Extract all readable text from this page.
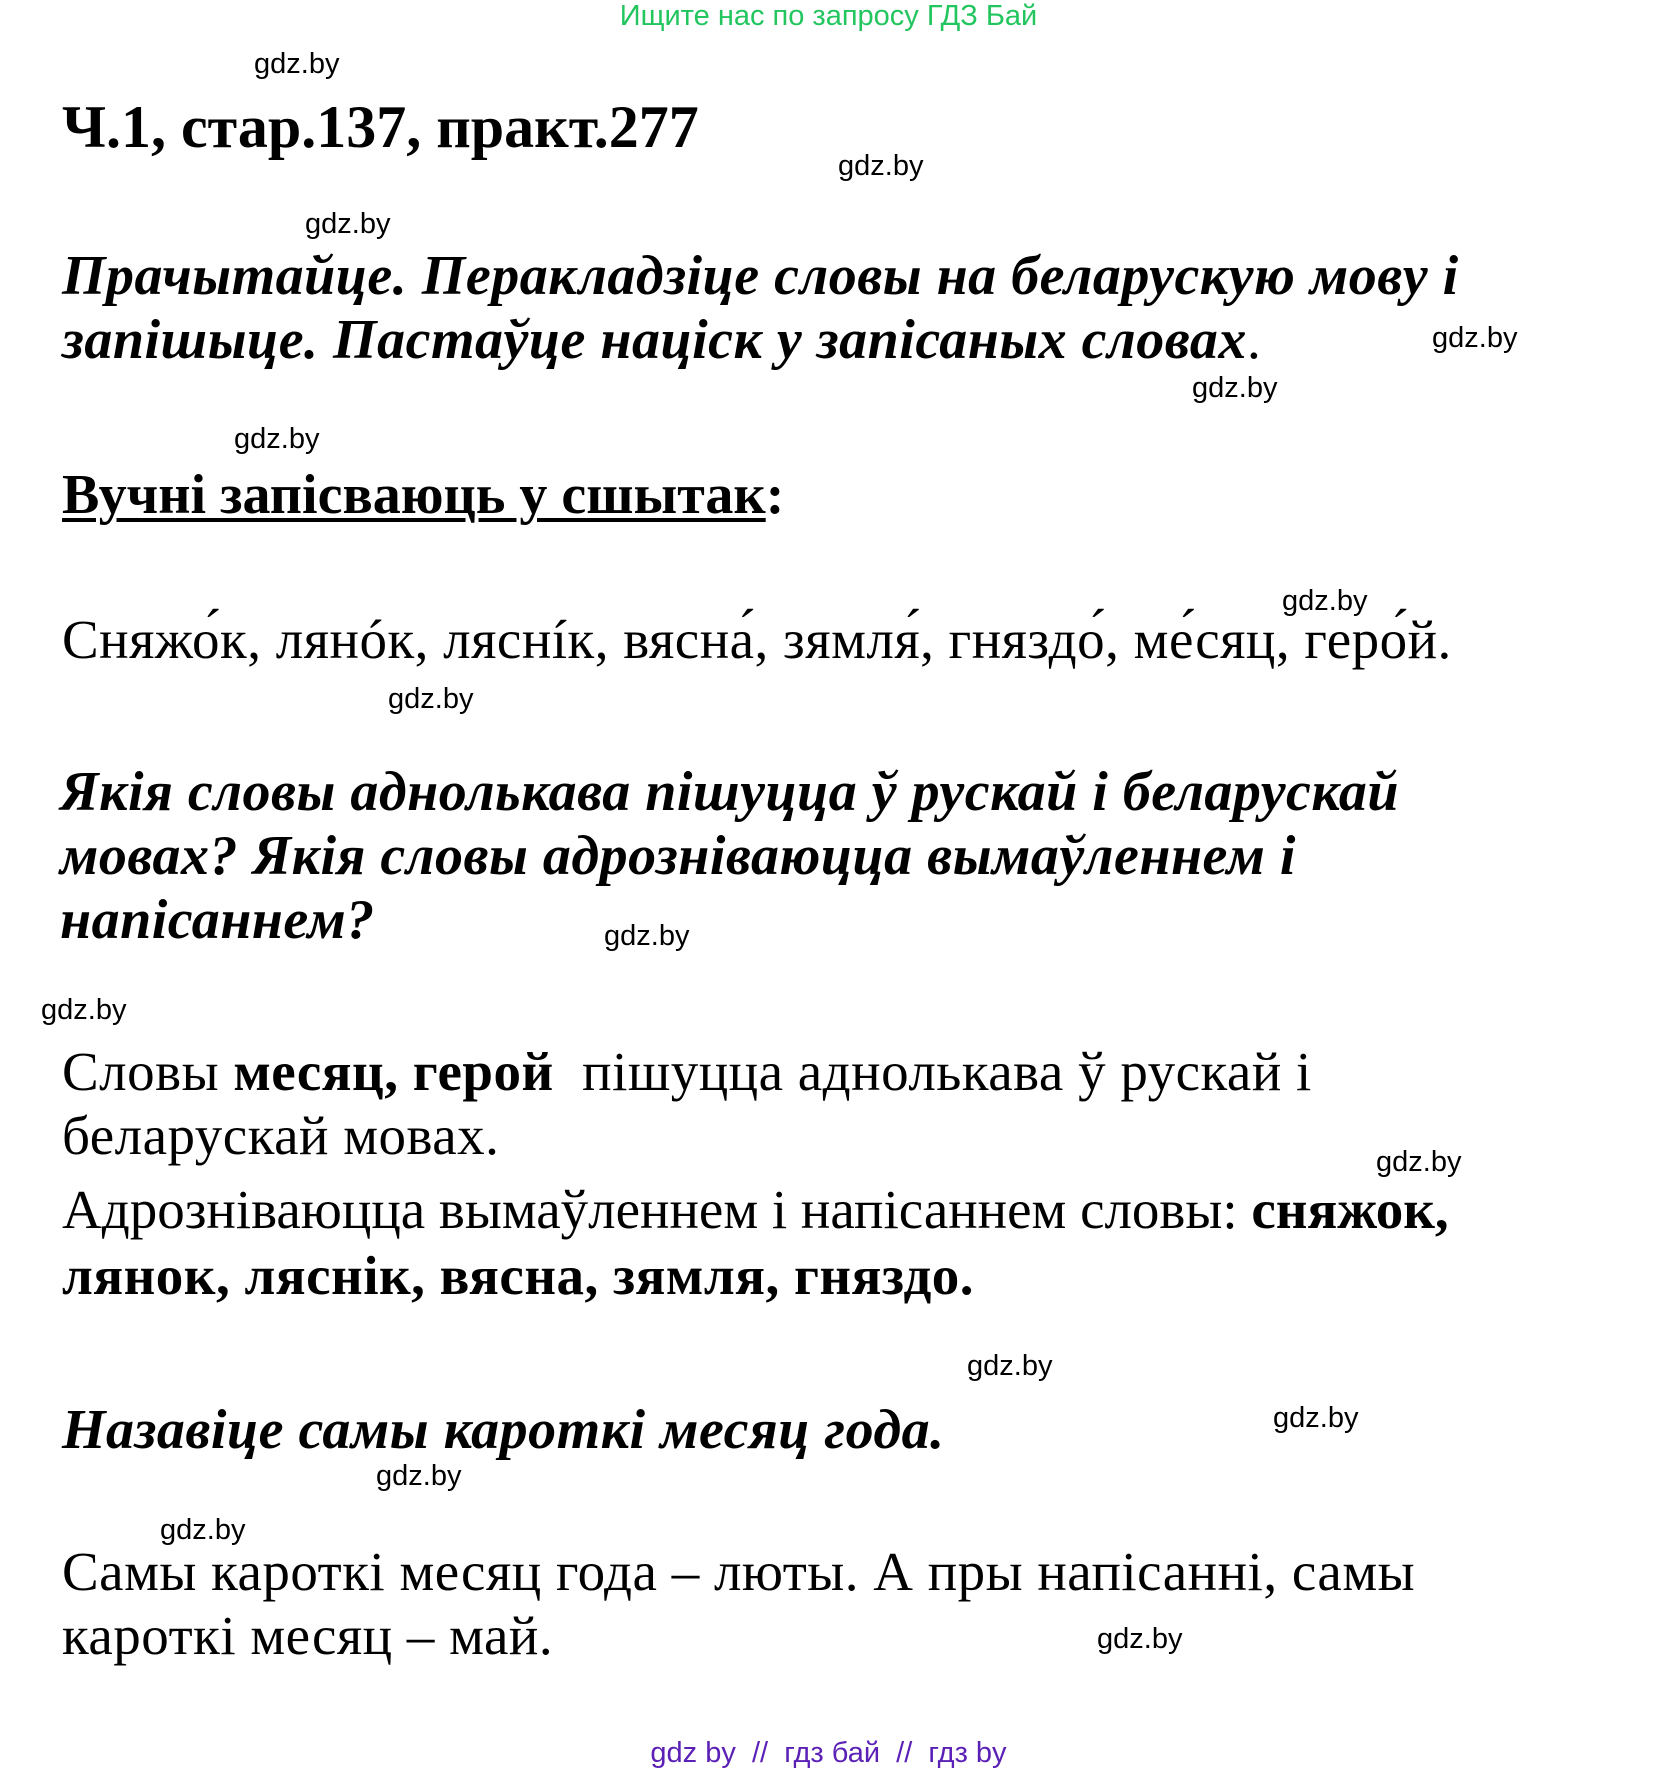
Ищите нас по запросу ГДЗ Бай
gdz.by
gdz.by
gdz.by
gdz.by
gdz.by
gdz.by
gdz.by
gdz.by
gdz.by
gdz.by
gdz.by
gdz.by
gdz.by
gdz.by
gdz.by
gdz.by
Ч.1, стар.137, практ.277
Прачытайце. Перакладзіце словы на беларускую мову і
запішыце. Пастаўце націск у запісаных словах.
Вучні запісваюць у сшытак:
Сняжо́к, лянóк, ляснíк, вясна́, зямля́, гняздо́, ме́сяц, геро́й.
Якія словы аднолькава пішуцца ў рускай і беларускай
мовах? Якія словы адрозніваюцца вымаўленнем і
напісаннем?
Словы месяц, герой  пішуцца аднолькава ў рускай і
беларускай мовах.
Адрозніваюцца вымаўленнем і напісаннем словы: сняжок,
лянок, ляснік, вясна, зямля, гняздо.
Назавіце самы кароткі месяц года.
Самы кароткі месяц года – люты. А пры напісанні, самы
кароткі месяц – май.
gdz by  //  гдз бай  //  гдз by
